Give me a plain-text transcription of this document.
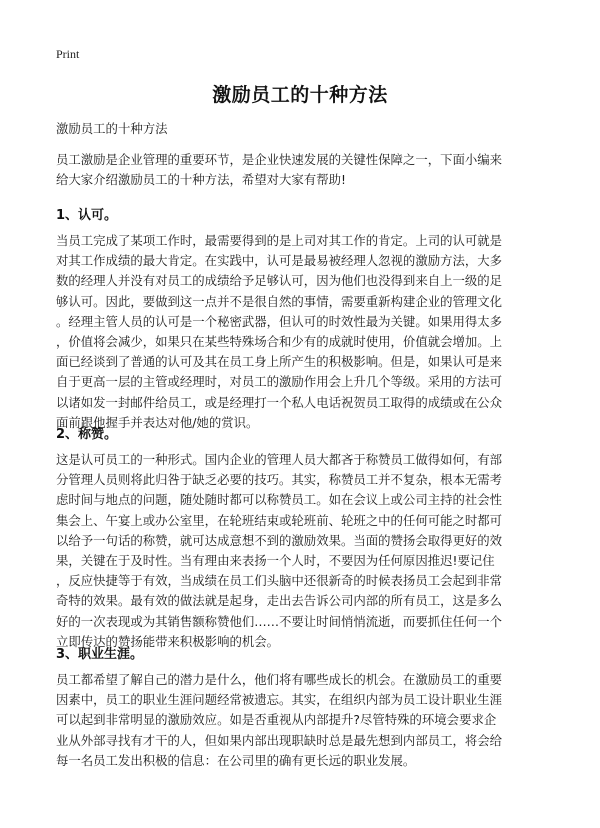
Print
激励员工的十种方法
激励员工的十种方法
员工激励是企业管理的重要环节，是企业快速发展的关键性保障之一，下面小编来
给大家介绍激励员工的十种方法，希望对大家有帮助!
1、认可。
当员工完成了某项工作时，最需要得到的是上司对其工作的肯定。上司的认可就是
对其工作成绩的最大肯定。在实践中，认可是最易被经理人忽视的激励方法，大多
数的经理人并没有对员工的成绩给予足够认可，因为他们也没得到来自上一级的足
够认可。因此，要做到这一点并不是很自然的事情，需要重新构建企业的管理文化
。经理主管人员的认可是一个秘密武器，但认可的时效性最为关键。如果用得太多
，价值将会减少，如果只在某些特殊场合和少有的成就时使用，价值就会增加。上
面已经谈到了普通的认可及其在员工身上所产生的积极影响。但是，如果认可是来
自于更高一层的主管或经理时，对员工的激励作用会上升几个等级。采用的方法可
以诸如发一封邮件给员工，或是经理打一个私人电话祝贺员工取得的成绩或在公众
面前跟他握手并表达对他/她的赏识。
2、称赞。
这是认可员工的一种形式。国内企业的管理人员大都吝于称赞员工做得如何，有部
分管理人员则将此归咎于缺乏必要的技巧。其实，称赞员工并不复杂，根本无需考
虑时间与地点的问题，随处随时都可以称赞员工。如在会议上或公司主持的社会性
集会上、午宴上或办公室里，在轮班结束或轮班前、轮班之中的任何可能之时都可
以给予一句话的称赞，就可达成意想不到的激励效果。当面的赞扬会取得更好的效
果，关键在于及时性。当有理由来表扬一个人时，不要因为任何原因推迟!要记住
，反应快捷等于有效，当成绩在员工们头脑中还很新奇的时候表扬员工会起到非常
奇特的效果。最有效的做法就是起身，走出去告诉公司内部的所有员工，这是多么
好的一次表现或为其销售额称赞他们……不要让时间悄悄流逝，而要抓住任何一个
立即传达的赞扬能带来积极影响的机会。
3、职业生涯。
员工都希望了解自己的潜力是什么，他们将有哪些成长的机会。在激励员工的重要
因素中，员工的职业生涯问题经常被遗忘。其实，在组织内部为员工设计职业生涯
可以起到非常明显的激励效应。如是否重视从内部提升?尽管特殊的环境会要求企
业从外部寻找有才干的人，但如果内部出现职缺时总是最先想到内部员工，将会给
每一名员工发出积极的信息：在公司里的确有更长远的职业发展。
